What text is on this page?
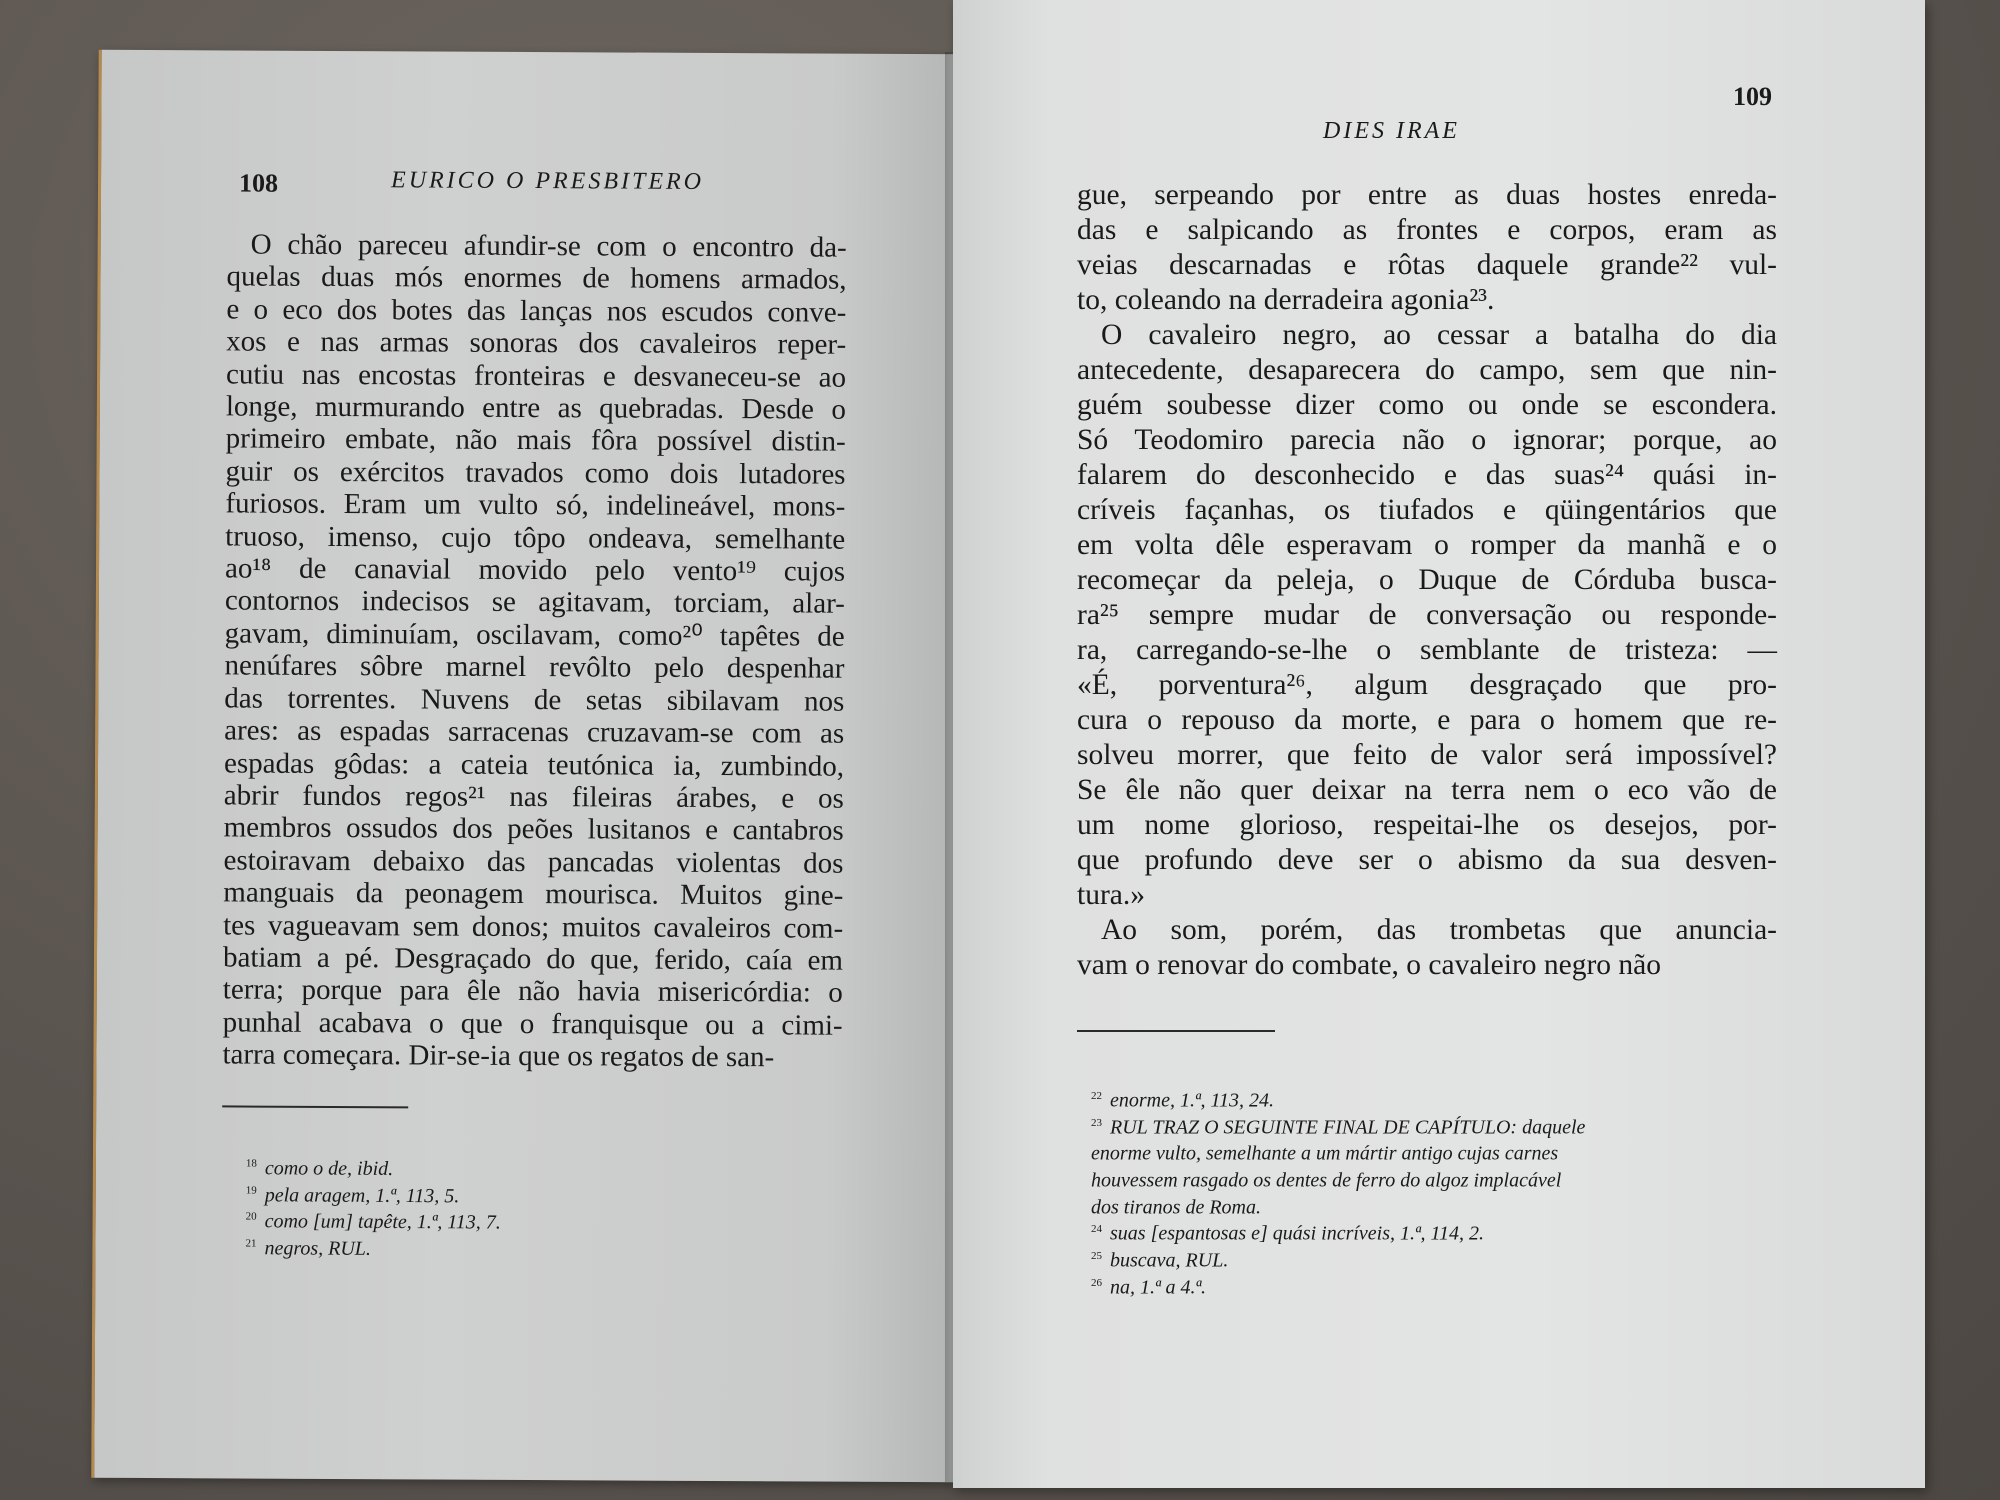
108	EURICO O PRESBITERO
O chão pareceu afundir-se com o encontro da-
quelas duas mós enormes de homens armados,
e o eco dos botes das lanças nos escudos conve-
xos e nas armas sonoras dos cavaleiros reper-
cutiu nas encostas fronteiras e desvaneceu-se ao
longe, murmurando entre as quebradas. Desde o
primeiro embate, não mais fôra possível distin-
guir os exércitos travados como dois lutadores
furiosos. Eram um vulto só, indelineável, mons-
truoso, imenso, cujo tôpo ondeava, semelhante
ao¹⁸ de canavial movido pelo vento¹⁹ cujos
contornos indecisos se agitavam, torciam, alar-
gavam, diminuíam, oscilavam, como²⁰ tapêtes de
nenúfares sôbre marnel revôlto pelo despenhar
das torrentes. Nuvens de setas sibilavam nos
ares: as espadas sarracenas cruzavam-se com as
espadas gôdas: a cateia teutónica ia, zumbindo,
abrir fundos regos²¹ nas fileiras árabes, e os
membros ossudos dos peões lusitanos e cantabros
estoiravam debaixo das pancadas violentas dos
manguais da peonagem mourisca. Muitos gine-
tes vagueavam sem donos; muitos cavaleiros com-
batiam a pé. Desgraçado do que, ferido, caía em
terra; porque para êle não havia misericórdia: o
punhal acabava o que o franquisque ou a cimi-
tarra começara. Dir-se-ia que os regatos de san-
$^{18}$ como o de, ibid.
$^{19}$ pela aragem, 1.ª, 113, 5.
$^{20}$ como [um] tapête, 1.ª, 113, 7.
$^{21}$ negros, RUL.
DIES IRAE
109
gue, serpeando por entre as duas hostes enreda-
das e salpicando as frontes e corpos, eram as
veias descarnadas e rôtas daquele grande²² vul-
to, coleando na derradeira agonia²³.
O cavaleiro negro, ao cessar a batalha do dia
antecedente, desaparecera do campo, sem que nin-
guém soubesse dizer como ou onde se escondera.
Só Teodomiro parecia não o ignorar; porque, ao
falarem do desconhecido e das suas²⁴ quási in-
críveis façanhas, os tiufados e qüingentários que
em volta dêle esperavam o romper da manhã e o
recomeçar da peleja, o Duque de Córduba busca-
ra²⁵ sempre mudar de conversação ou responde-
ra, carregando-se-lhe o semblante de tristeza: —
«É, porventura²⁶, algum desgraçado que pro-
cura o repouso da morte, e para o homem que re-
solveu morrer, que feito de valor será impossível?
Se êle não quer deixar na terra nem o eco vão de
um nome glorioso, respeitai-lhe os desejos, por-
que profundo deve ser o abismo da sua desven-
tura.»
Ao som, porém, das trombetas que anuncia-
vam o renovar do combate, o cavaleiro negro não
$^{22}$ enorme, 1.ª, 113, 24.
$^{23}$ RUL TRAZ O SEGUINTE FINAL DE CAPÍTULO: daquele
enorme vulto, semelhante a um mártir antigo cujas carnes
houvessem rasgado os dentes de ferro do algoz implacável
dos tiranos de Roma.
$^{24}$ suas [espantosas e] quási incríveis, 1.ª, 114, 2.
$^{25}$ buscava, RUL.
$^{26}$ na, 1.ª a 4.ª.
